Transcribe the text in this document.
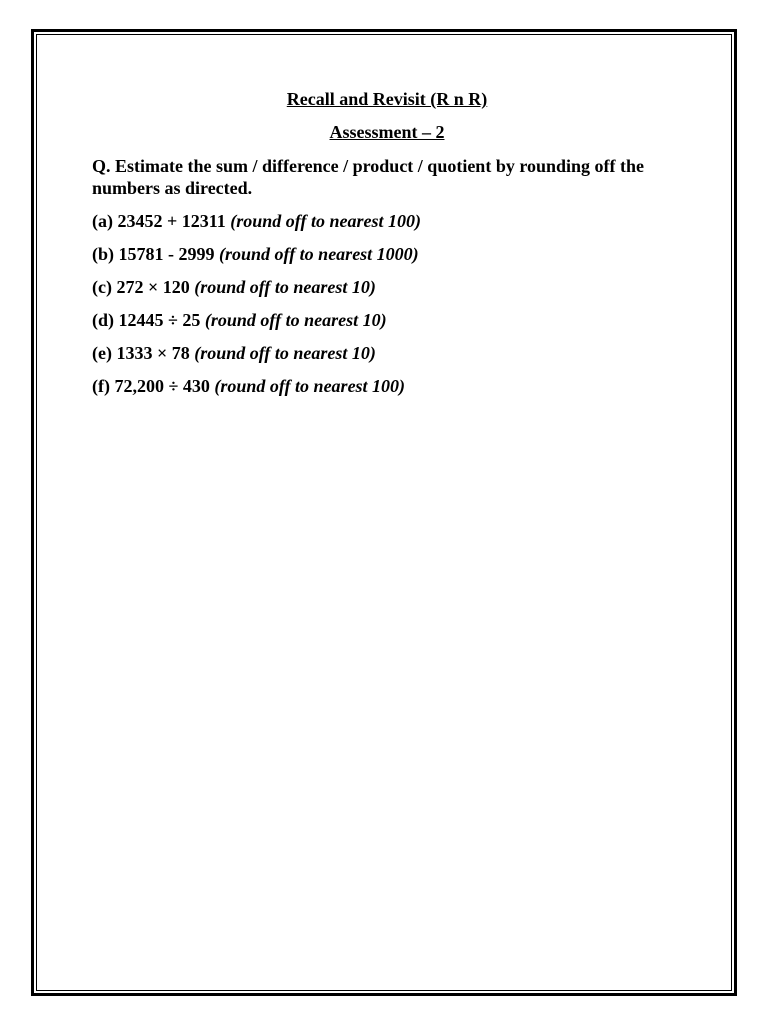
Recall and Revisit (R n R)

Assessment – 2

Q. Estimate the sum / difference / product / quotient by rounding off the numbers as directed.
(a) 23452 + 12311 (round off to nearest 100)
(b) 15781 - 2999 (round off to nearest 1000)
(c) 272 × 120 (round off to nearest 10)
(d) 12445 ÷ 25 (round off to nearest 10)
(e) 1333 × 78 (round off to nearest 10)
(f) 72,200 ÷ 430 (round off to nearest 100)
